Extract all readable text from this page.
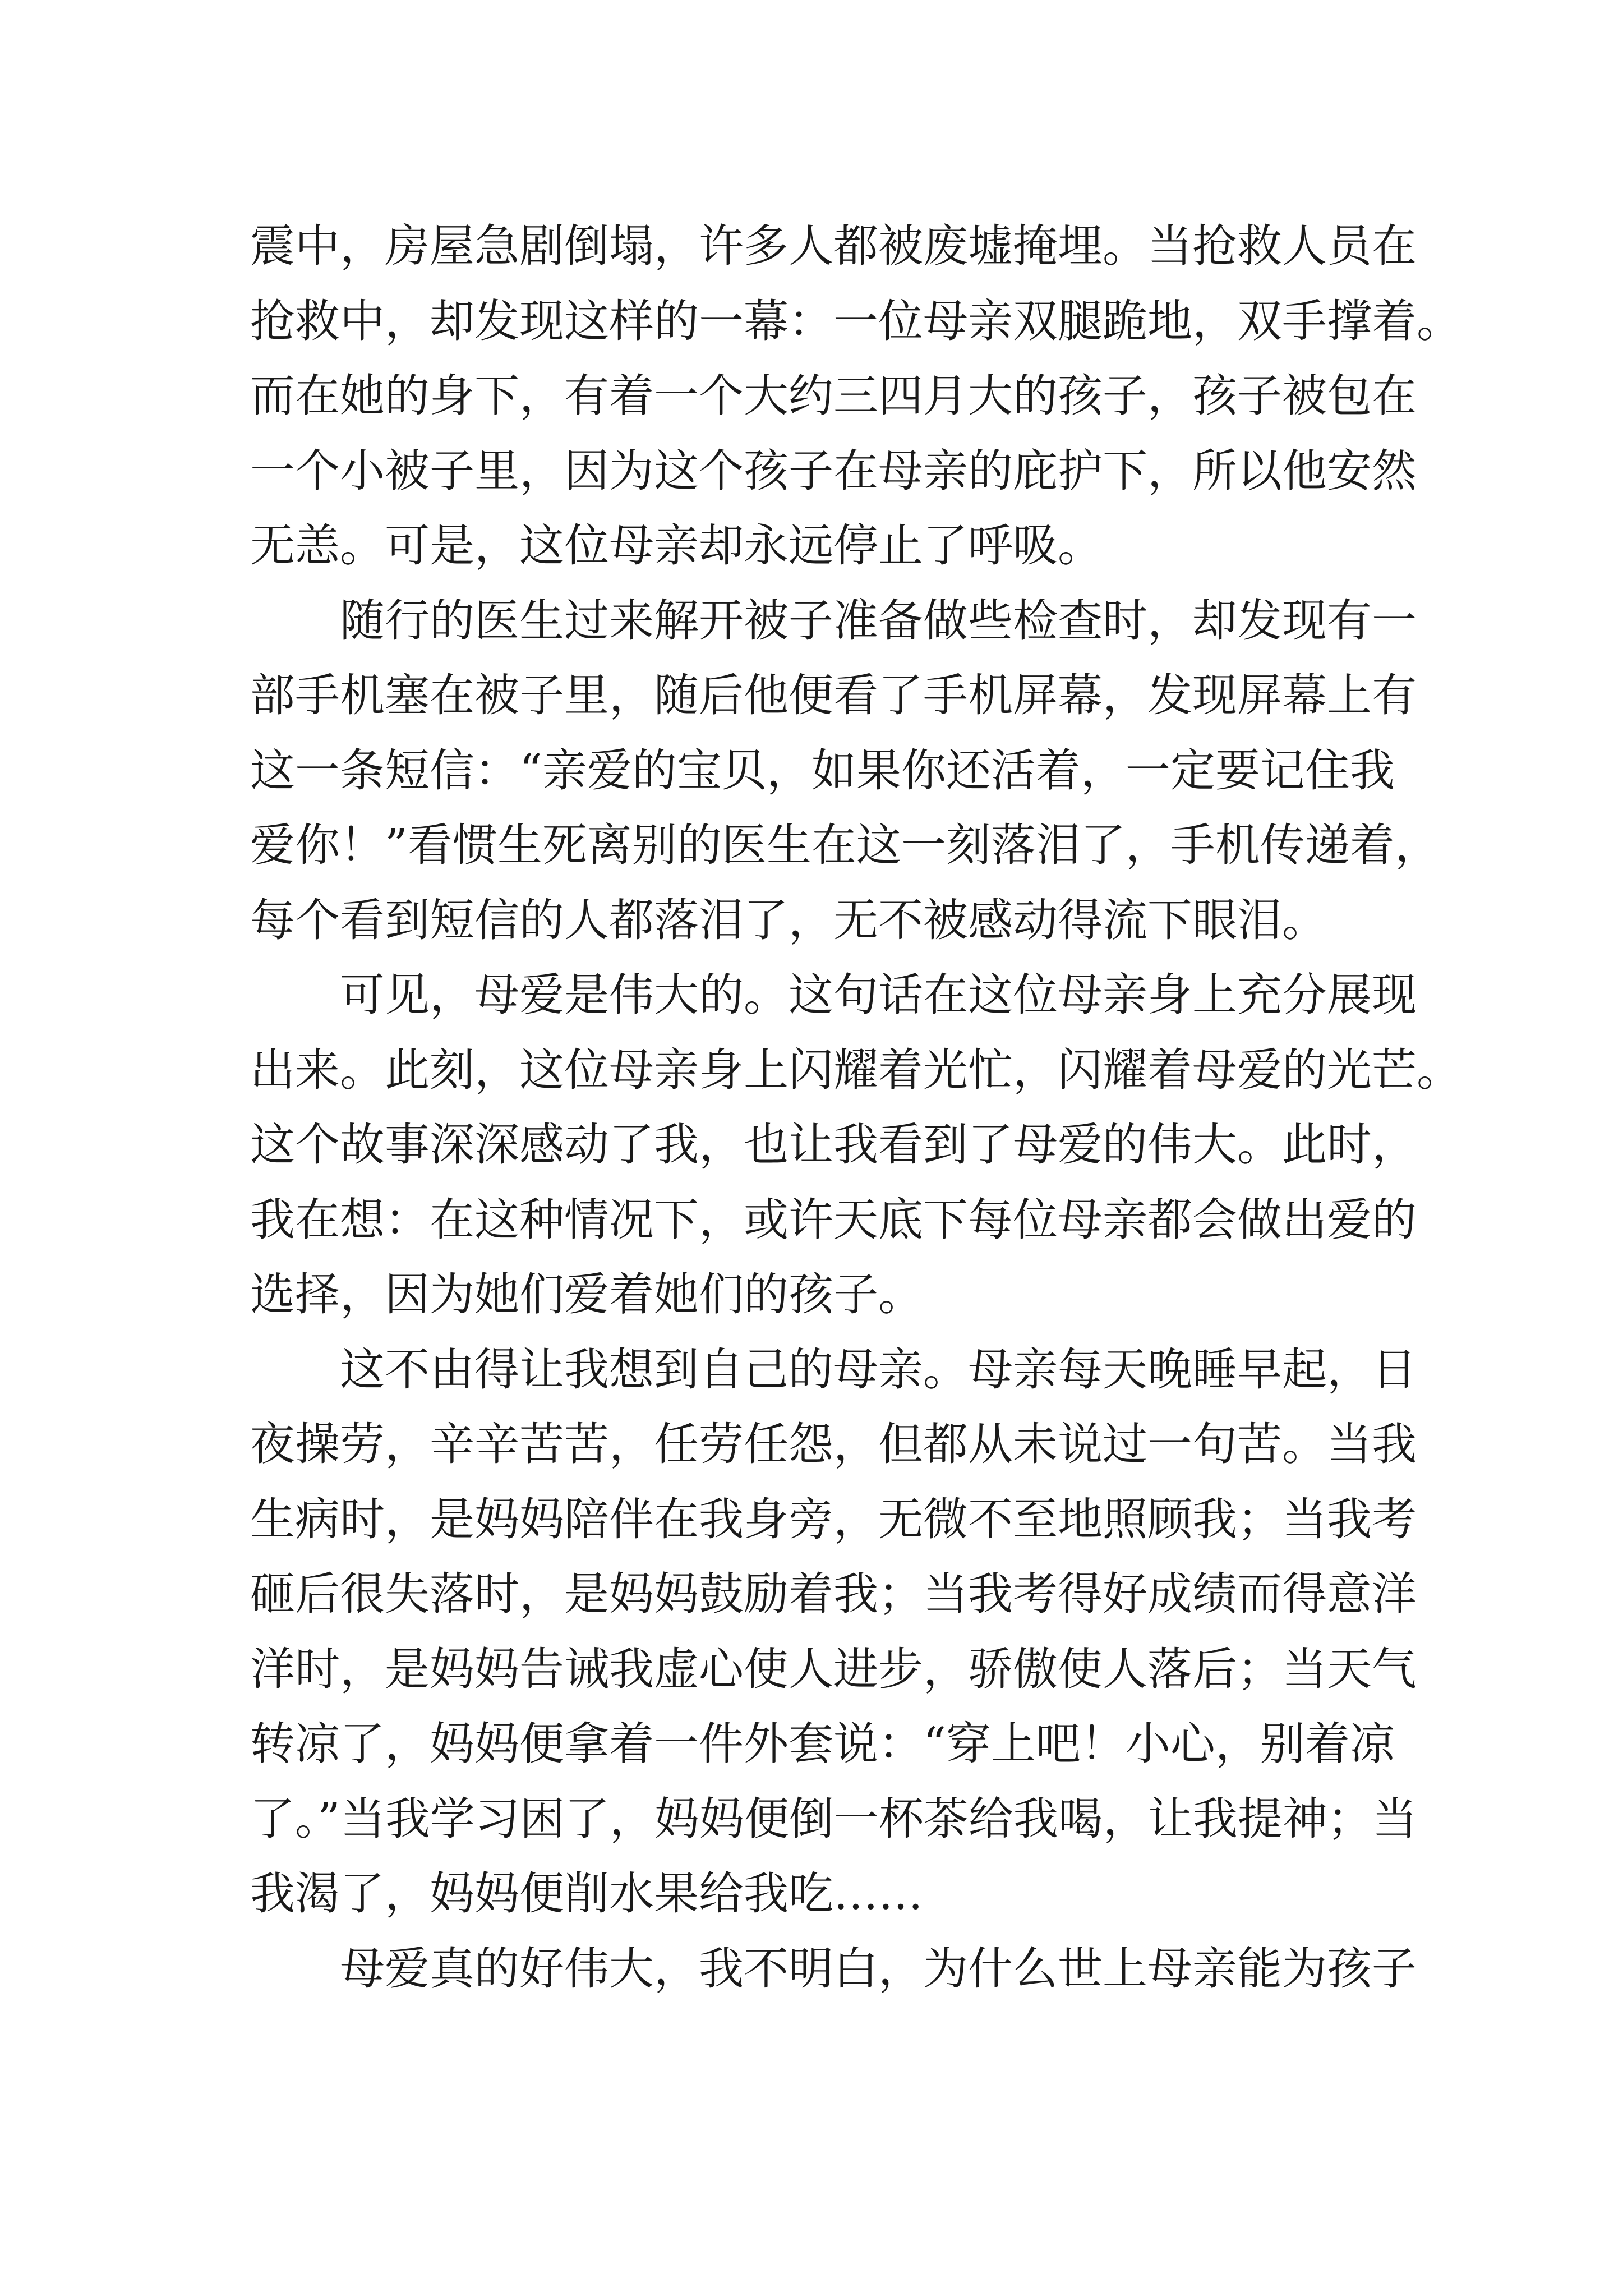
震中，房屋急剧倒塌，许多人都被废墟掩埋。当抢救人员在
抢救中，却发现这样的一幕：一位母亲双腿跪地，双手撑着。
而在她的身下，有着一个大约三四月大的孩子，孩子被包在
一个小被子里，因为这个孩子在母亲的庇护下，所以他安然
无恙。可是，这位母亲却永远停止了呼吸。
随行的医生过来解开被子准备做些检查时，却发现有一
部手机塞在被子里，随后他便看了手机屏幕，发现屏幕上有
这一条短信：“亲爱的宝贝，如果你还活着，一定要记住我
爱你！”看惯生死离别的医生在这一刻落泪了，手机传递着，
每个看到短信的人都落泪了，无不被感动得流下眼泪。
可见，母爱是伟大的。这句话在这位母亲身上充分展现
出来。此刻，这位母亲身上闪耀着光忙，闪耀着母爱的光芒。
这个故事深深感动了我，也让我看到了母爱的伟大。此时，
我在想：在这种情况下，或许天底下每位母亲都会做出爱的
选择，因为她们爱着她们的孩子。
这不由得让我想到自己的母亲。母亲每天晚睡早起，日
夜操劳，辛辛苦苦，任劳任怨，但都从未说过一句苦。当我
生病时，是妈妈陪伴在我身旁，无微不至地照顾我；当我考
砸后很失落时，是妈妈鼓励着我；当我考得好成绩而得意洋
洋时，是妈妈告诫我虚心使人进步，骄傲使人落后；当天气
转凉了，妈妈便拿着一件外套说：“穿上吧！小心，别着凉
了。”当我学习困了，妈妈便倒一杯茶给我喝，让我提神；当
我渴了，妈妈便削水果给我吃……
母爱真的好伟大，我不明白，为什么世上母亲能为孩子
